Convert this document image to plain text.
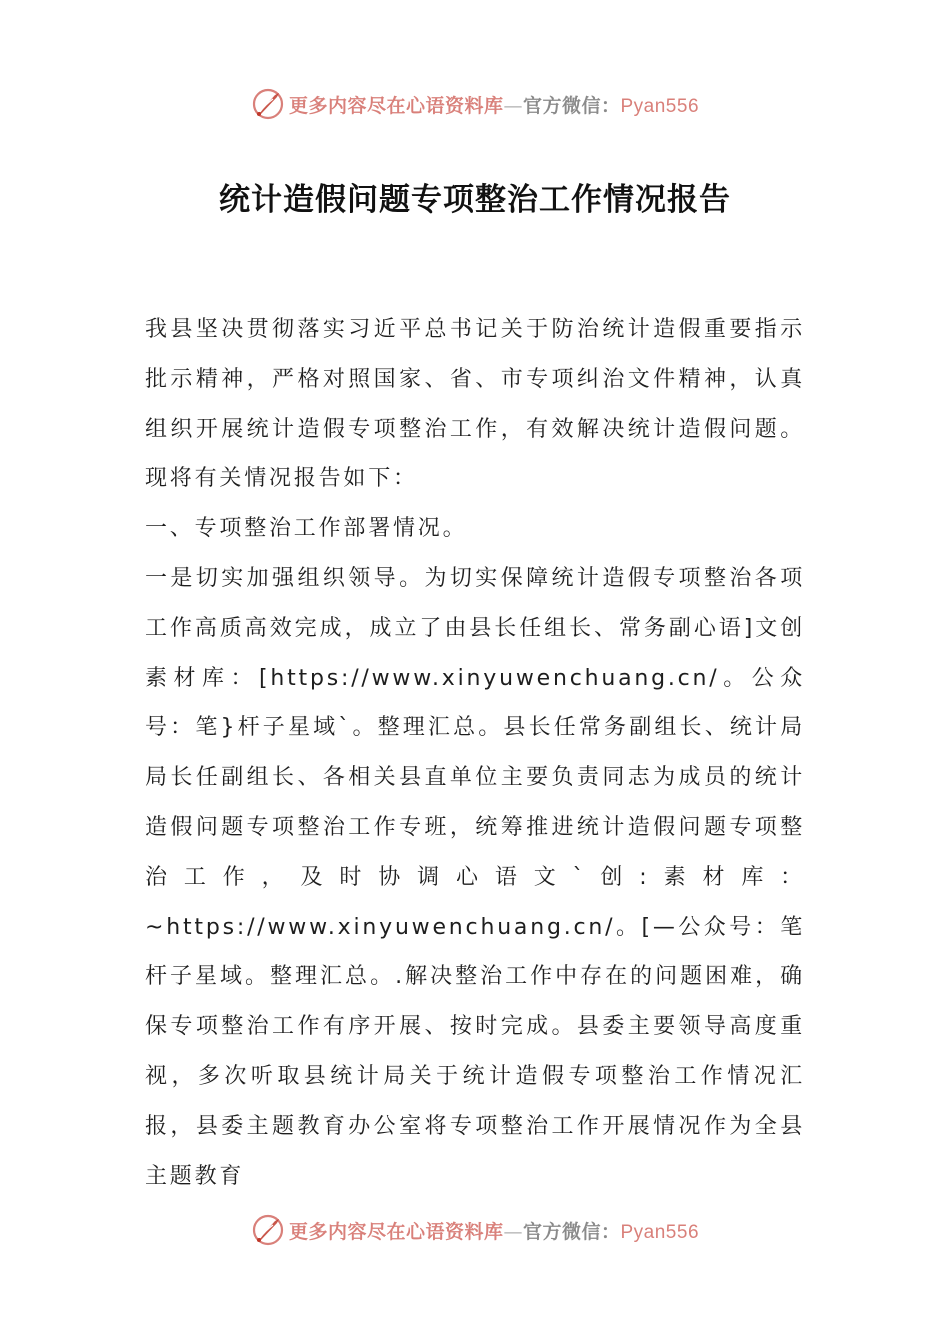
更多内容尽在心语资料库—官方微信：Pyan556
统计造假问题专项整治工作情况报告

我县坚决贯彻落实习近平总书记关于防治统计造假重要指示批示精神，严格对照国家、省、市专项纠治文件精神，认真组织开展统计造假专项整治工作，有效解决统计造假问题。现将有关情况报告如下：

一、专项整治工作部署情况。

一是切实加强组织领导。为切实保障统计造假专项整治各项工作高质高效完成，成立了由县长任组长、常务副心语]文创素材库：[https://www.xinyuwenchuang.cn/。公众号：笔}杆子星域`。整理汇总。县长任常务副组长、统计局局长任副组长、各相关县直单位主要负责同志为成员的统计造假问题专项整治工作专班，统筹推进统计造假问题专项整治工作，及时协调心语文`创:素材库：~https://www.xinyuwenchuang.cn/。[—公众号：笔杆子星域。整理汇总。.解决整治工作中存在的问题困难，确保专项整治工作有序开展、按时完成。县委主要领导高度重视，多次听取县统计局关于统计造假专项整治工作情况汇报，县委主题教育办公室将专项整治工作开展情况作为全县主题教育

更多内容尽在心语资料库—官方微信：Pyan556
